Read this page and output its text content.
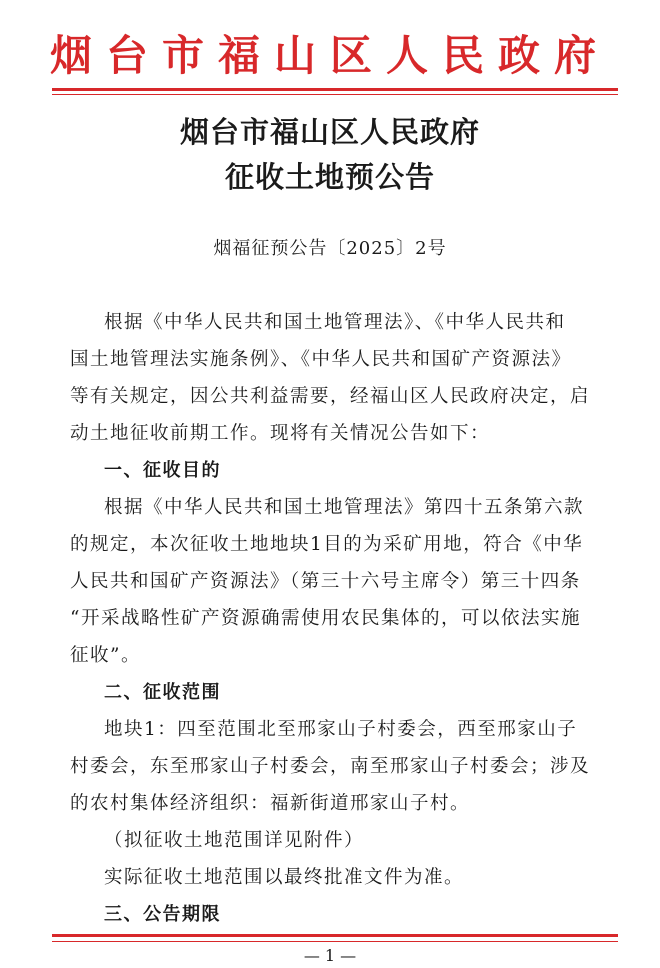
烟台市福山区人民政府
烟台市福山区人民政府
征收土地预公告
烟福征预公告〔2025〕2号
根据《中华人民共和国土地管理法》、《中华人民共和
国土地管理法实施条例》、《中华人民共和国矿产资源法》
等有关规定，因公共利益需要，经福山区人民政府决定，启
动土地征收前期工作。现将有关情况公告如下：
一、征收目的
根据《中华人民共和国土地管理法》第四十五条第六款
的规定，本次征收土地地块1目的为采矿用地，符合《中华
人民共和国矿产资源法》（第三十六号主席令）第三十四条
“开采战略性矿产资源确需使用农民集体的，可以依法实施
征收”。
二、征收范围
地块1：四至范围北至邢家山子村委会，西至邢家山子
村委会，东至邢家山子村委会，南至邢家山子村委会；涉及
的农村集体经济组织：福新街道邢家山子村。
（拟征收土地范围详见附件）
实际征收土地范围以最终批准文件为准。
三、公告期限
— 1 —
